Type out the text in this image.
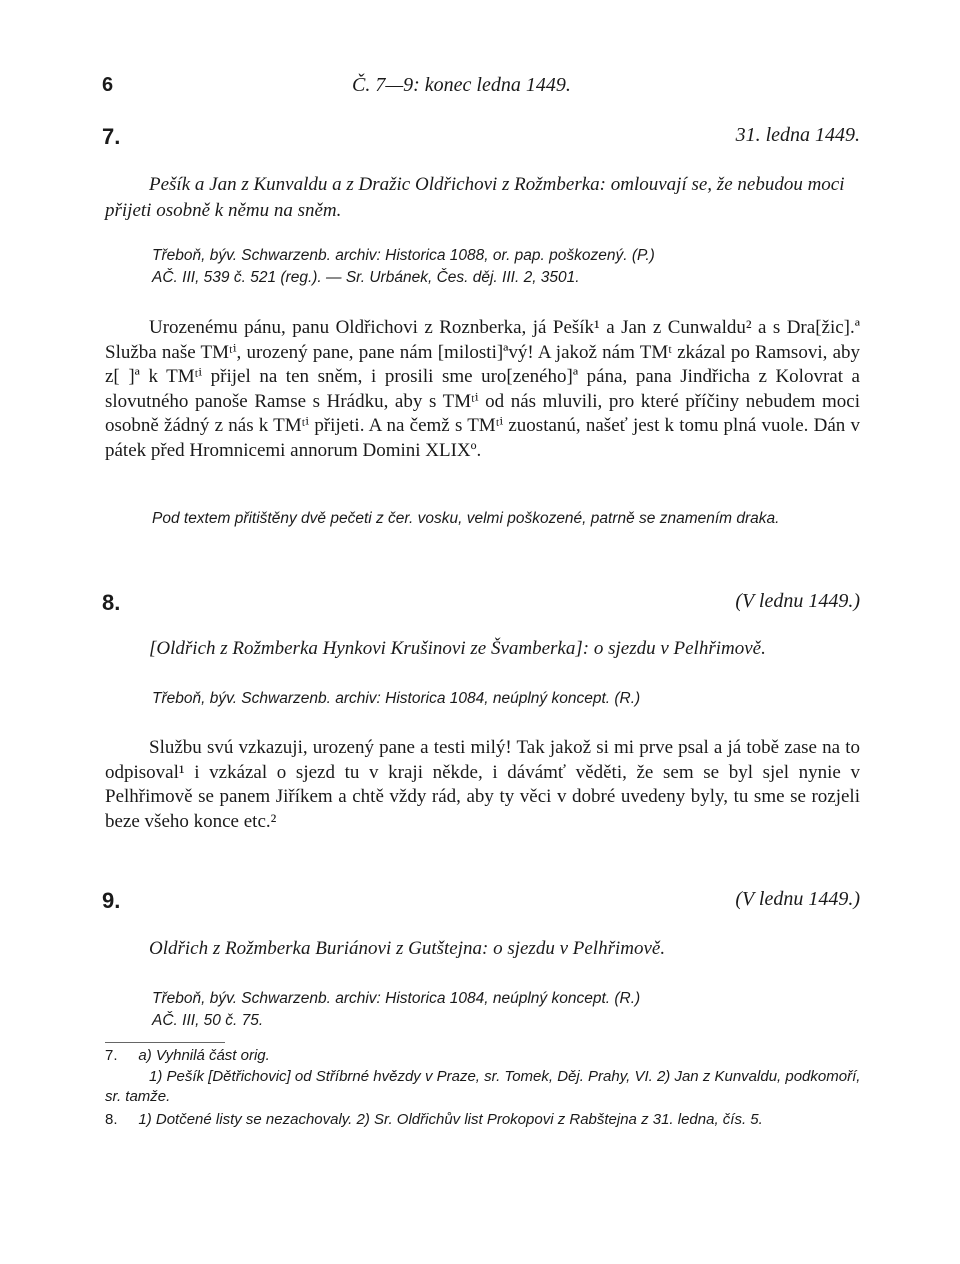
6	Č. 7—9: konec ledna 1449.
7.	31. ledna 1449.

Pešík a Jan z Kunvaldu a z Dražic Oldřichovi z Rožmberka: omlouvají se, že nebudou moci přijeti osobně k němu na sněm.

Třeboň, býv. Schwarzenb. archiv: Historica 1088, or. pap. poškozený. (P.)

AČ. III, 539 č. 521 (reg.). — Sr. Urbánek, Čes. děj. III. 2, 3501.

Urozenému pánu, panu Oldřichovi z Roznberka, já Pešík¹ a Jan z Cunwaldu² a s Dra[žic].ª Služba naše TMᵗⁱ, urozený pane, pane nám [milosti]ªvý! A jakož nám TMᵗ zkázal po Ramsovi, aby z[ ]ª k TMᵗⁱ přijel na ten sněm, i prosili sme uro[zeného]ª pána, pana Jindřicha z Kolovrat a slovutného panoše Ramse s Hrádku, aby s TMᵗⁱ od nás mluvili, pro které příčiny nebudem moci osobně žádný z nás k TMᵗⁱ přijeti. A na čemž s TMᵗⁱ zuostanú, našeť jest k tomu plná vuole. Dán v pátek před Hromnicemi annorum Domini XLIXº.

Pod textem přitištěny dvě pečeti z čer. vosku, velmi poškozené, patrně se znamením draka.
8.	(V lednu 1449.)

[Oldřich z Rožmberka Hynkovi Krušinovi ze Švamberka]: o sjezdu v Pelhřimově.

Třeboň, býv. Schwarzenb. archiv: Historica 1084, neúplný koncept. (R.)

Službu svú vzkazuji, urozený pane a testi milý! Tak jakož si mi prve psal a já tobě zase na to odpisoval¹ i vzkázal o sjezd tu v kraji někde, i dávámť věděti, že sem se byl sjel nynie v Pelhřimově se panem Jiříkem a chtě vždy rád, aby ty věci v dobré uvedeny byly, tu sme se rozjeli beze všeho konce etc.²

9.	(V lednu 1449.)

Oldřich z Rožmberka Buriánovi z Gutštejna: o sjezdu v Pelhřimově.

Třeboň, býv. Schwarzenb. archiv: Historica 1084, neúplný koncept. (R.)

AČ. III, 50 č. 75.

7. a) Vyhnilá část orig.

1) Pešík [Dětřichovic] od Stříbrné hvězdy v Praze, sr. Tomek, Děj. Prahy, VI. 2) Jan z Kunvaldu, podkomoří, sr. tamže.

8. 1) Dotčené listy se nezachovaly. 2) Sr. Oldřichův list Prokopovi z Rabštejna z 31. ledna, čís. 5.
